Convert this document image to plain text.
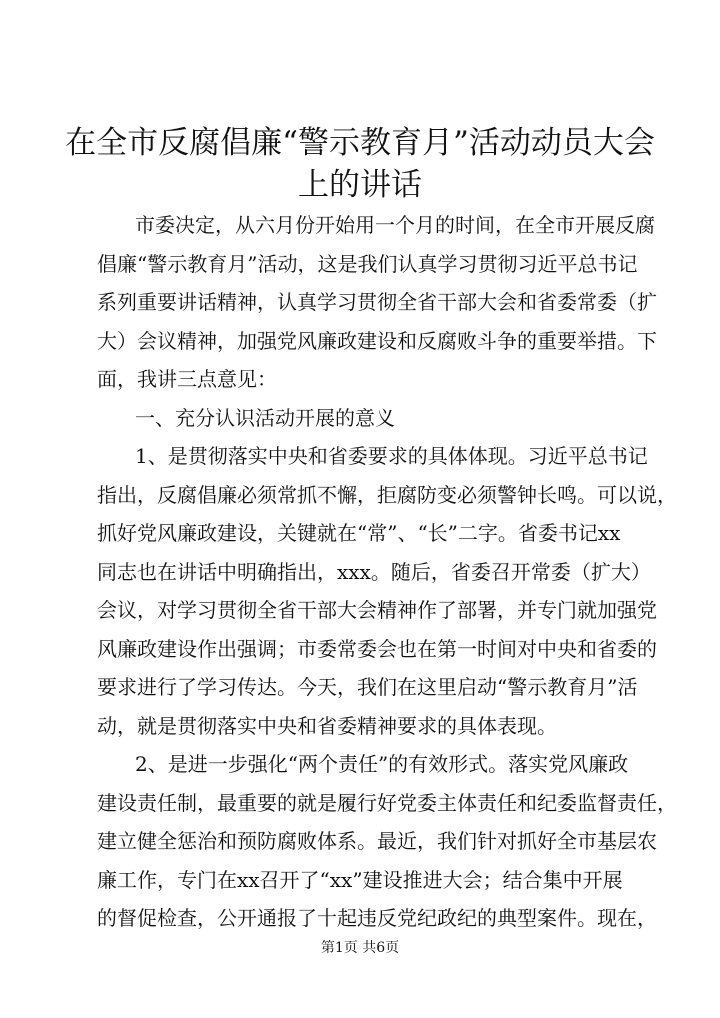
在全市反腐倡廉“警示教育月”活动动员大会
上的讲话

市委决定，从六月份开始用一个月的时间，在全市开展反腐

倡廉“警示教育月”活动，这是我们认真学习贯彻习近平总书记

系列重要讲话精神，认真学习贯彻全省干部大会和省委常委（扩

大）会议精神，加强党风廉政建设和反腐败斗争的重要举措。下

面，我讲三点意见：

一、充分认识活动开展的意义

1、是贯彻落实中央和省委要求的具体体现。习近平总书记

指出，反腐倡廉必须常抓不懈，拒腐防变必须警钟长鸣。可以说，

抓好党风廉政建设，关键就在“常”、“长”二字。省委书记xx

同志也在讲话中明确指出，xxx。随后，省委召开常委（扩大）

会议，对学习贯彻全省干部大会精神作了部署，并专门就加强党

风廉政建设作出强调；市委常委会也在第一时间对中央和省委的

要求进行了学习传达。今天，我们在这里启动“警示教育月”活

动，就是贯彻落实中央和省委精神要求的具体表现。

2、是进一步强化“两个责任”的有效形式。落实党风廉政

建设责任制，最重要的就是履行好党委主体责任和纪委监督责任，

建立健全惩治和预防腐败体系。最近，我们针对抓好全市基层农

廉工作，专门在xx召开了“xx”建设推进大会；结合集中开展

的督促检查，公开通报了十起违反党纪政纪的典型案件。现在，

第1页 共6页
